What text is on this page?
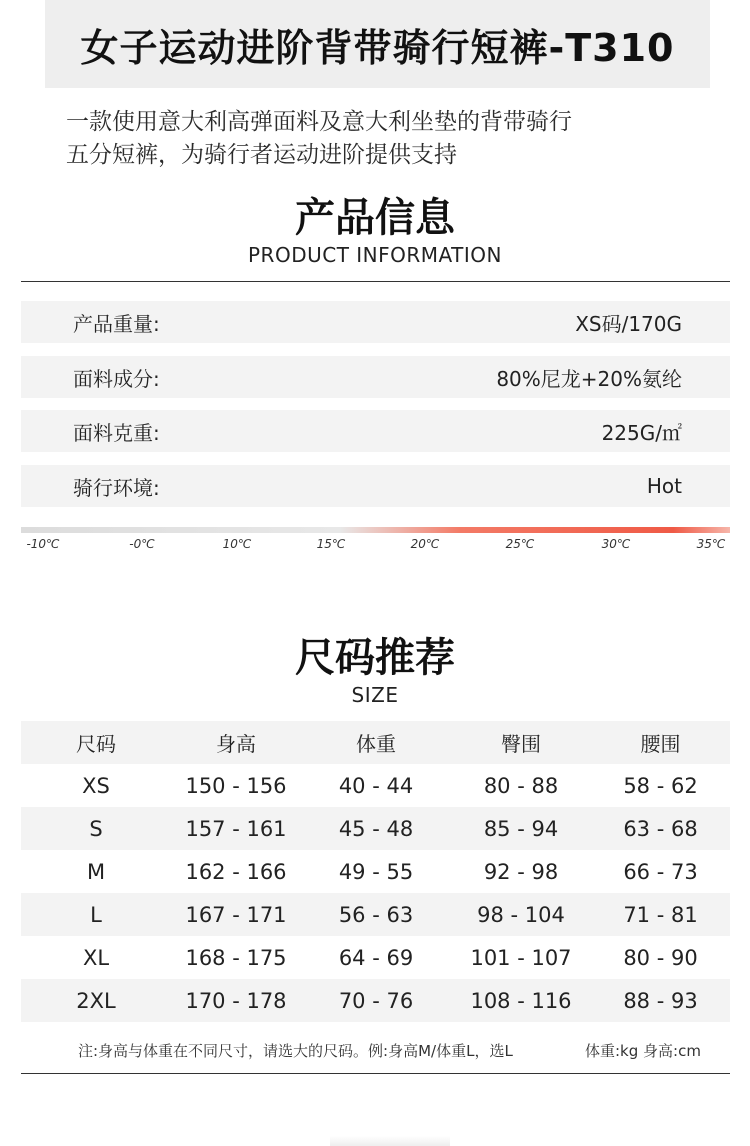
女子运动进阶背带骑行短裤-T310
一款使用意大利高弹面料及意大利坐垫的背带骑行
五分短裤，为骑行者运动进阶提供支持
产品信息
PRODUCT INFORMATION
产品重量:	XS码/170G
面料成分:	80%尼龙+20%氨纶
面料克重:	225G/㎡
骑行环境:	Hot
-10℃	-0℃	10℃	15℃	20℃	25℃	30℃	35℃
尺码推荐
SIZE
尺码	身高	体重	臀围	腰围
XS	150 - 156	40 - 44	80 - 88	58 - 62
S	157 - 161	45 - 48	85 - 94	63 - 68
M	162 - 166	49 - 55	92 - 98	66 - 73
L	167 - 171	56 - 63	98 - 104	71 - 81
XL	168 - 175	64 - 69	101 - 107	80 - 90
2XL	170 - 178	70 - 76	108 - 116	88 - 93
注:身高与体重在不同尺寸，请选大的尺码。例:身高M/体重L，选L	体重:kg 身高:cm
